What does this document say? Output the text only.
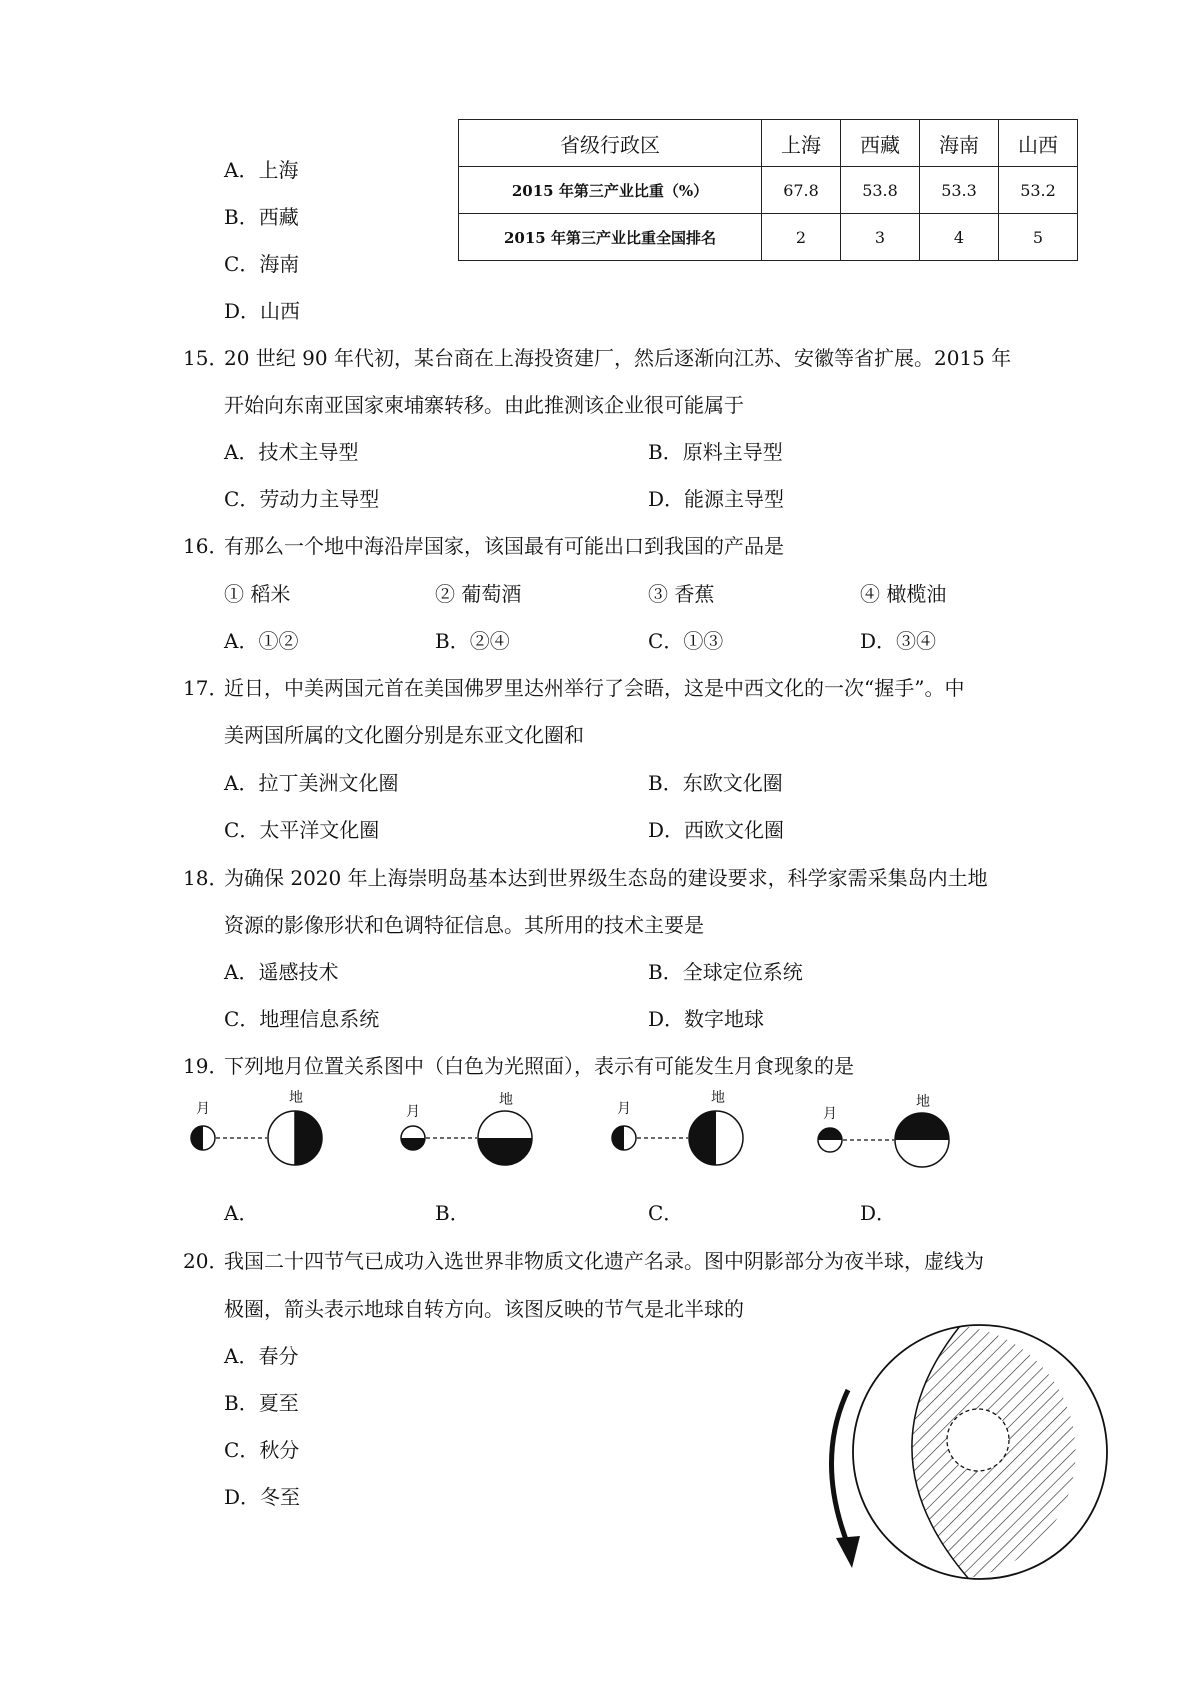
A．上海
B．西藏
C．海南
D．山西
省级行政区	上海	西藏	海南	山西
2015 年第三产业比重（%）	67.8	53.8	53.3	53.2
2015 年第三产业比重全国排名	2	3	4	5
15．
20 世纪 90 年代初，某台商在上海投资建厂，然后逐渐向江苏、安徽等省扩展。2015 年
开始向东南亚国家柬埔寨转移。由此推测该企业很可能属于
A．技术主导型	B．原料主导型
C．劳动力主导型	D．能源主导型
16．
有那么一个地中海沿岸国家，该国最有可能出口到我国的产品是
① 稻米	② 葡萄酒	③ 香蕉	④ 橄榄油
A．①②	B．②④	C．①③	D．③④
17．
近日，中美两国元首在美国佛罗里达州举行了会晤，这是中西文化的一次“握手”。中
美两国所属的文化圈分别是东亚文化圈和
A．拉丁美洲文化圈	B．东欧文化圈
C．太平洋文化圈	D．西欧文化圈
18．
为确保 2020 年上海崇明岛基本达到世界级生态岛的建设要求，科学家需采集岛内土地
资源的影像形状和色调特征信息。其所用的技术主要是
A．遥感技术	B．全球定位系统
C．地理信息系统	D．数字地球
19．
下列地月位置关系图中（白色为光照面），表示有可能发生月食现象的是
月
地
A．
月
地
B．
月
地
C．
月
地
D．
20．
我国二十四节气已成功入选世界非物质文化遗产名录。图中阴影部分为夜半球，虚线为
极圈，箭头表示地球自转方向。该图反映的节气是北半球的
A．春分
B．夏至
C．秋分
D．冬至
